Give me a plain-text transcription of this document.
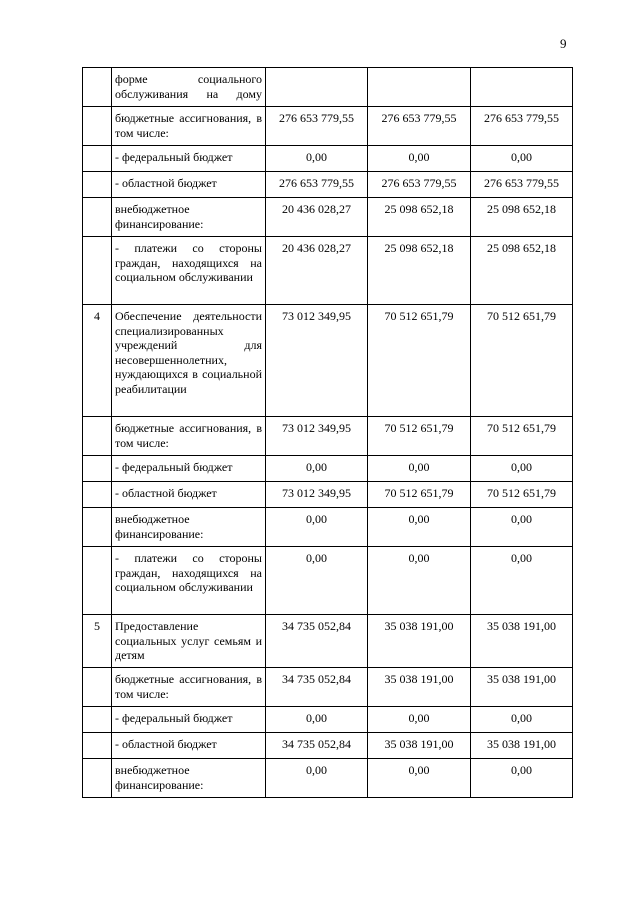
9
	форме социального обслуживания на дому			
	бюджетные ассигнования, в том числе:	276 653 779,55	276 653 779,55	276 653 779,55
	- федеральный бюджет	0,00	0,00	0,00
	- областной бюджет	276 653 779,55	276 653 779,55	276 653 779,55
	внебюджетное финансирование:	20 436 028,27	25 098 652,18	25 098 652,18
	- платежи со стороны граждан, находящихся на социальном обслуживании	20 436 028,27	25 098 652,18	25 098 652,18
4	Обеспечение деятельности специализированных учреждений для несовершеннолетних, нуждающихся в социальной реабилитации	73 012 349,95	70 512 651,79	70 512 651,79
	бюджетные ассигнования, в том числе:	73 012 349,95	70 512 651,79	70 512 651,79
	- федеральный бюджет	0,00	0,00	0,00
	- областной бюджет	73 012 349,95	70 512 651,79	70 512 651,79
	внебюджетное финансирование:	0,00	0,00	0,00
	- платежи со стороны граждан, находящихся на социальном обслуживании	0,00	0,00	0,00
5	Предоставление социальных услуг семьям и детям	34 735 052,84	35 038 191,00	35 038 191,00
	бюджетные ассигнования, в том числе:	34 735 052,84	35 038 191,00	35 038 191,00
	- федеральный бюджет	0,00	0,00	0,00
	- областной бюджет	34 735 052,84	35 038 191,00	35 038 191,00
	внебюджетное финансирование:	0,00	0,00	0,00
